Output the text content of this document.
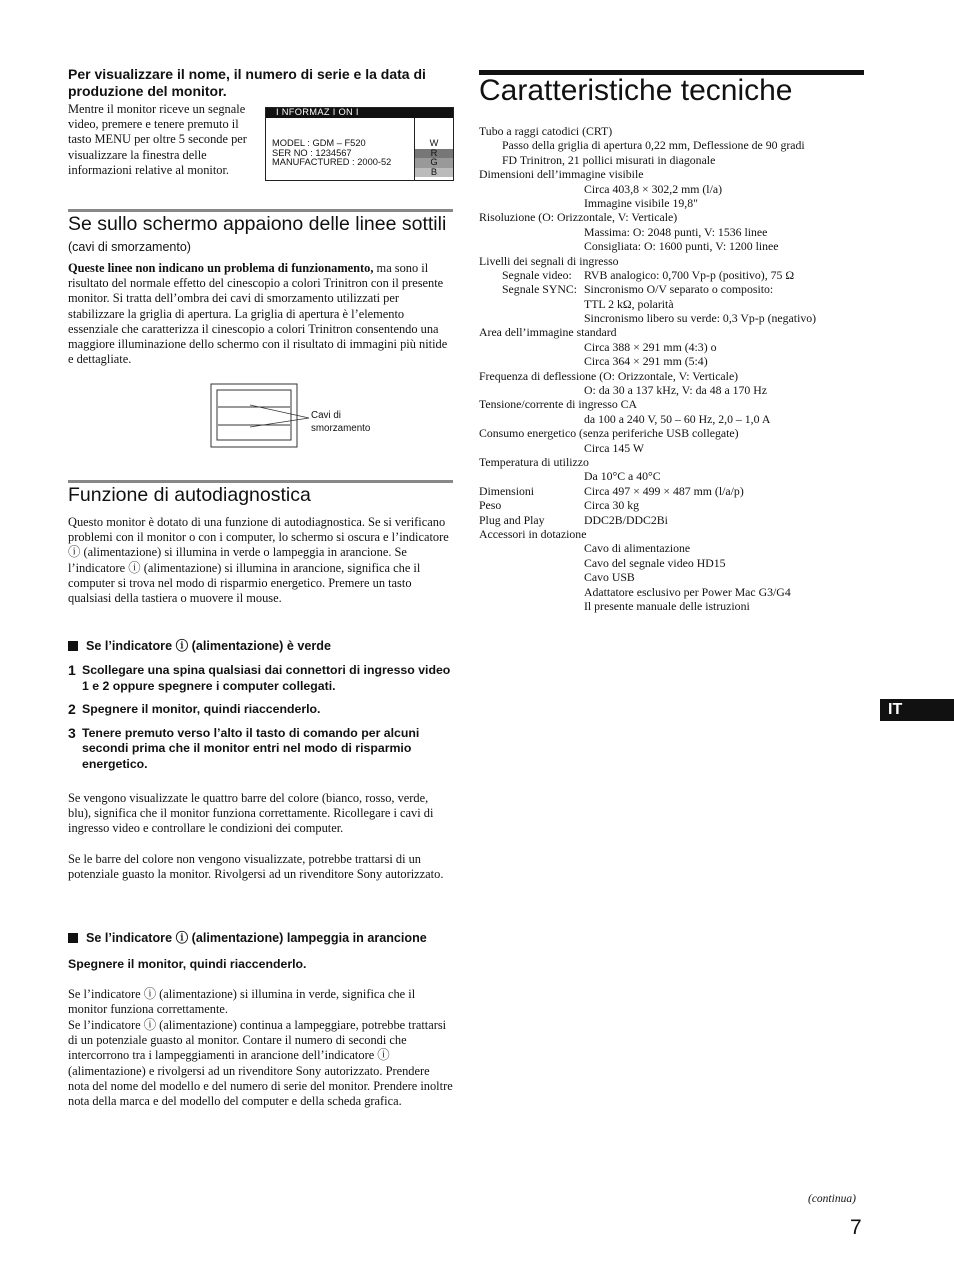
Per visualizzare il nome, il numero di serie e la data di produzione del monitor.

Mentre il monitor riceve un segnale video, premere e tenere premuto il tasto MENU per oltre 5 seconde per visualizzare la finestra delle informazioni relative al monitor.

I NFORMAZ I ON I
MODEL : GDM – F520
SER NO : 1234567
MANUFACTURED : 2000-52
W
R
G
B
Se sullo schermo appaiono delle linee sottili (cavi di smorzamento)

Queste linee non indicano un problema di funzionamento, ma sono il risultato del normale effetto del cinescopio a colori Trinitron con il presente monitor. Si tratta dell’ombra dei cavi di smorzamento utilizzati per stabilizzare la griglia di apertura. La griglia di apertura è l’elemento essenziale che caratterizza il cinescopio a colori Trinitron consentendo una maggiore illuminazione dello schermo con il risultato di immagini più nitide e dettagliate.

Cavi di
smorzamento
Funzione di autodiagnostica

Questo monitor è dotato di una funzione di autodiagnostica. Se si verificano problemi con il monitor o con i computer, lo schermo si oscura e l’indicatore ⓘ (alimentazione) si illumina in verde o lampeggia in arancione. Se l’indicatore ⓘ (alimentazione) si illumina in arancione, significa che il computer si trova nel modo di risparmio energetico. Premere un tasto qualsiasi della tastiera o muovere il mouse.

Se l’indicatore ⓘ (alimentazione) è verde
1 Scollegare una spina qualsiasi dai connettori di ingresso video 1 e 2 oppure spegnere i computer collegati.
2 Spegnere il monitor, quindi riaccenderlo.
3 Tenere premuto verso l’alto il tasto di comando per alcuni secondi prima che il monitor entri nel modo di risparmio energetico.

Se vengono visualizzate le quattro barre del colore (bianco, rosso, verde, blu), significa che il monitor funziona correttamente. Ricollegare i cavi di ingresso video e controllare le condizioni dei computer.

Se le barre del colore non vengono visualizzate, potrebbe trattarsi di un potenziale guasto la monitor. Rivolgersi ad un rivenditore Sony autorizzato.

Se l’indicatore ⓘ (alimentazione) lampeggia in arancione
Spegnere il monitor, quindi riaccenderlo.

Se l’indicatore ⓘ (alimentazione) si illumina in verde, significa che il monitor funziona correttamente.

Se l’indicatore ⓘ (alimentazione) continua a lampeggiare, potrebbe trattarsi di un potenziale guasto al monitor. Contare il numero di secondi che intercorrono tra i lampeggiamenti in arancione dell’indicatore ⓘ (alimentazione) e rivolgersi ad un rivenditore Sony autorizzato. Prendere nota del nome del modello e del numero di serie del monitor. Prendere inoltre nota della marca e del modello del computer e della scheda grafica.

Caratteristiche tecniche
Tubo a raggi catodici (CRT)
Passo della griglia di apertura 0,22 mm, Deflessione de 90 gradi
FD Trinitron, 21 pollici misurati in diagonale
Dimensioni dell’immagine visibile
Circa 403,8 × 302,2 mm (l/a)
Immagine visibile 19,8"
Risoluzione (O: Orizzontale, V: Verticale)
Massima: O: 2048 punti, V: 1536 linee
Consigliata: O: 1600 punti, V: 1200 linee
Livelli dei segnali di ingresso
Segnale video: RVB analogico: 0,700 Vp-p (positivo), 75 Ω
Segnale SYNC: Sincronismo O/V separato o composito:
TTL 2 kΩ, polarità
Sincronismo libero su verde: 0,3 Vp-p (negativo)
Area dell’immagine standard
Circa 388 × 291 mm (4:3) o
Circa 364 × 291 mm (5:4)
Frequenza di deflessione (O: Orizzontale, V: Verticale)
O: da 30 a 137 kHz, V: da 48 a 170 Hz
Tensione/corrente di ingresso CA
da 100 a 240 V, 50 – 60 Hz, 2,0 – 1,0 A
Consumo energetico (senza periferiche USB collegate)
Circa 145 W
Temperatura di utilizzo
Da 10°C a 40°C
Dimensioni	Circa 497 × 499 × 487 mm (l/a/p)
Peso	Circa 30 kg
Plug and Play	DDC2B/DDC2Bi
Accessori in dotazione
Cavo di alimentazione
Cavo del segnale video HD15
Cavo USB
Adattatore esclusivo per Power Mac G3/G4
Il presente manuale delle istruzioni
IT
(continua)
7
